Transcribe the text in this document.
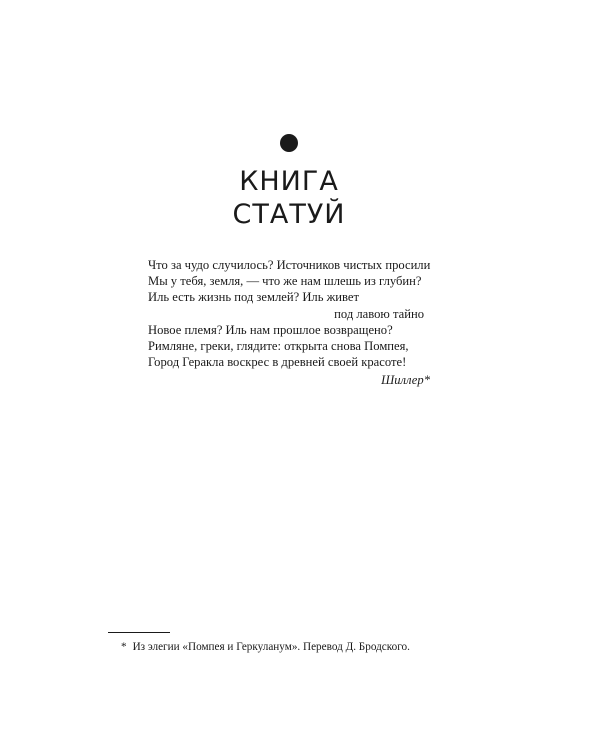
КНИГА
СТАТУЙ
Что за чудо случилось? Источников чистых просили
Мы у тебя, земля, — что же нам шлешь из глубин?
Иль есть жизнь под землей? Иль живет
под лавою тайно
Новое племя? Иль нам прошлое возвращено?
Римляне, греки, глядите: открыта снова Помпея,
Город Геракла воскрес в древней своей красоте!
Шиллер*
* Из элегии «Помпея и Геркуланум». Перевод Д. Бродского.
